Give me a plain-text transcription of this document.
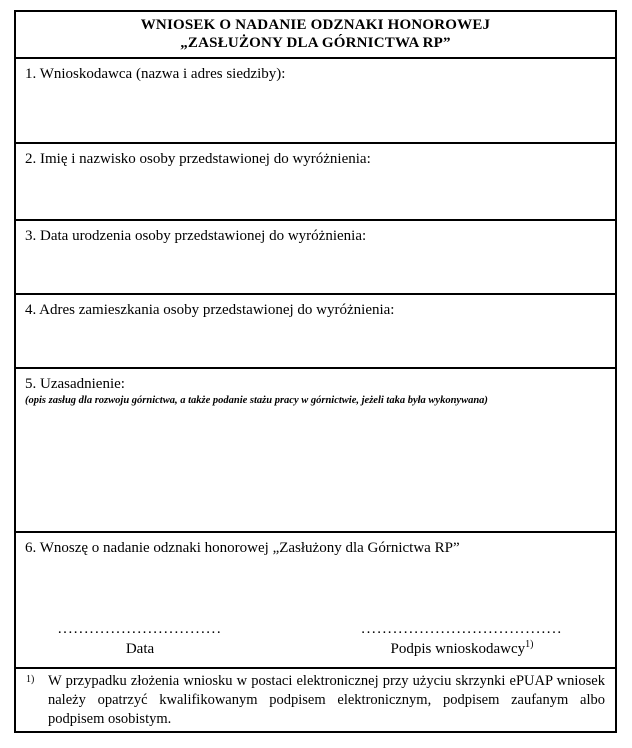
WNIOSEK O NADANIE ODZNAKI HONOROWEJ
„ZASŁUŻONY DLA GÓRNICTWA RP”
1. Wnioskodawca (nazwa i adres siedziby):
2. Imię i nazwisko osoby przedstawionej do wyróżnienia:
3. Data urodzenia osoby przedstawionej do wyróżnienia:
4. Adres zamieszkania osoby przedstawionej do wyróżnienia:
5. Uzasadnienie:
(opis zasług dla rozwoju górnictwa, a także podanie stażu pracy w górnictwie, jeżeli taka była wykonywana)
6. Wnoszę o nadanie odznaki honorowej „Zasłużony dla Górnictwa RP”
...............................
Data
......................................
Podpis wnioskodawcy$^{1)}$
1) W przypadku złożenia wniosku w postaci elektronicznej przy użyciu skrzynki ePUAP wniosek należy opatrzyć kwalifikowanym podpisem elektronicznym, podpisem zaufanym albo podpisem osobistym.
